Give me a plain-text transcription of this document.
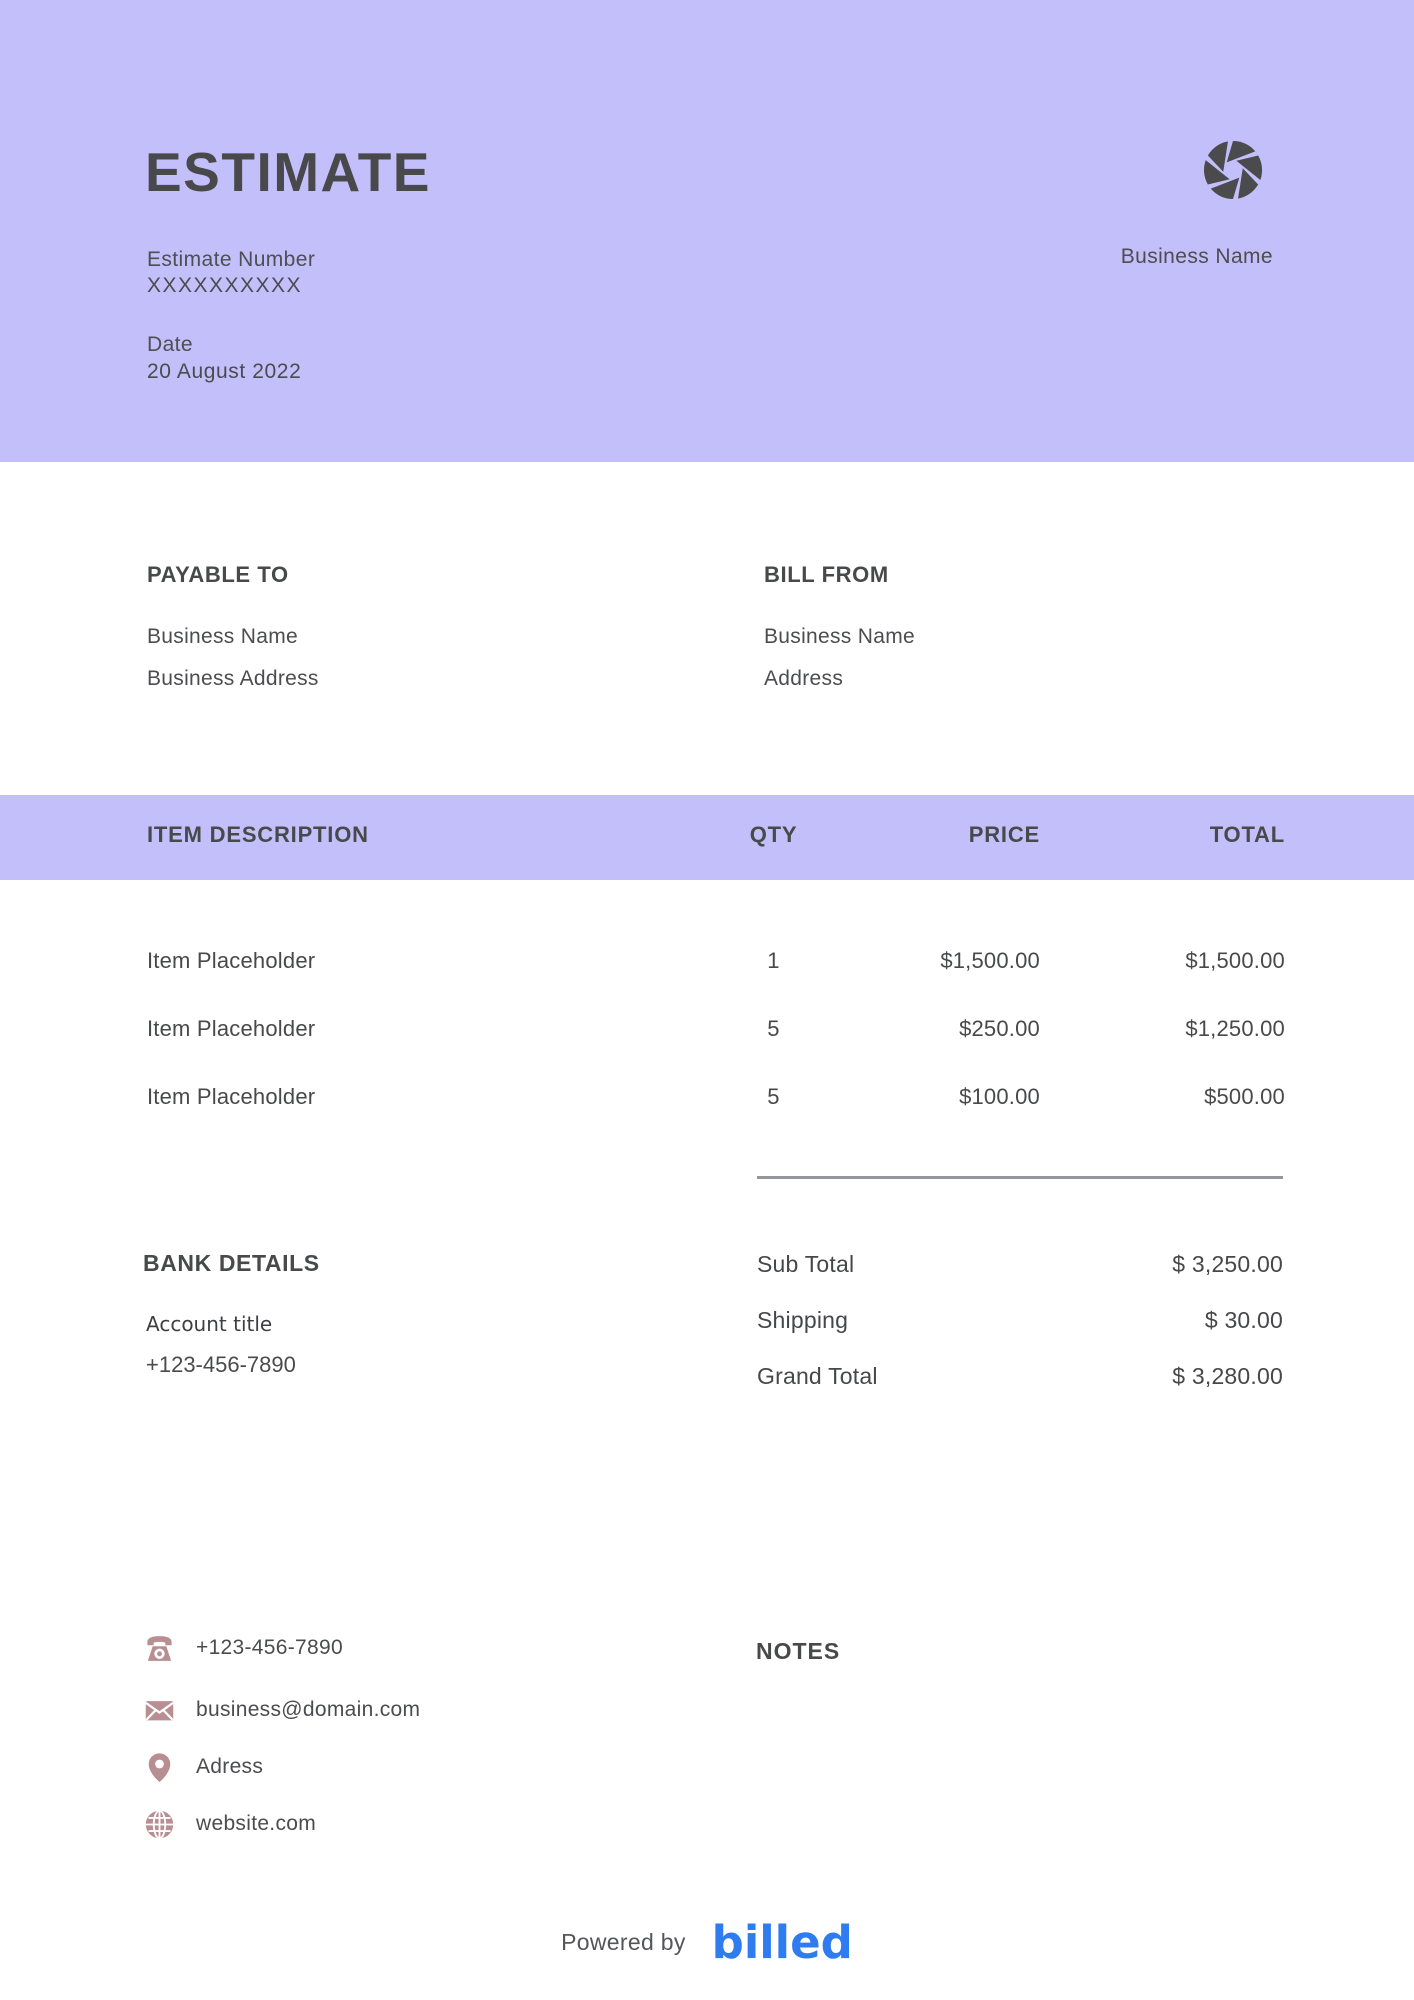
ESTIMATE
Estimate Number
XXXXXXXXXX
Date
20 August 2022
Business Name
PAYABLE TO
Business Name
Business Address
BILL FROM
Business Name
Address
ITEM DESCRIPTION	QTY	PRICE	TOTAL
Item Placeholder	1	$1,500.00	$1,500.00
Item Placeholder	5	$250.00	$1,250.00
Item Placeholder	5	$100.00	$500.00
Sub Total	$ 3,250.00
Shipping	$ 30.00
Grand Total	$ 3,280.00
BANK DETAILS
Account title
+123-456-7890
+123-456-7890
business@domain.com
Adress
website.com
NOTES
Powered by billed
